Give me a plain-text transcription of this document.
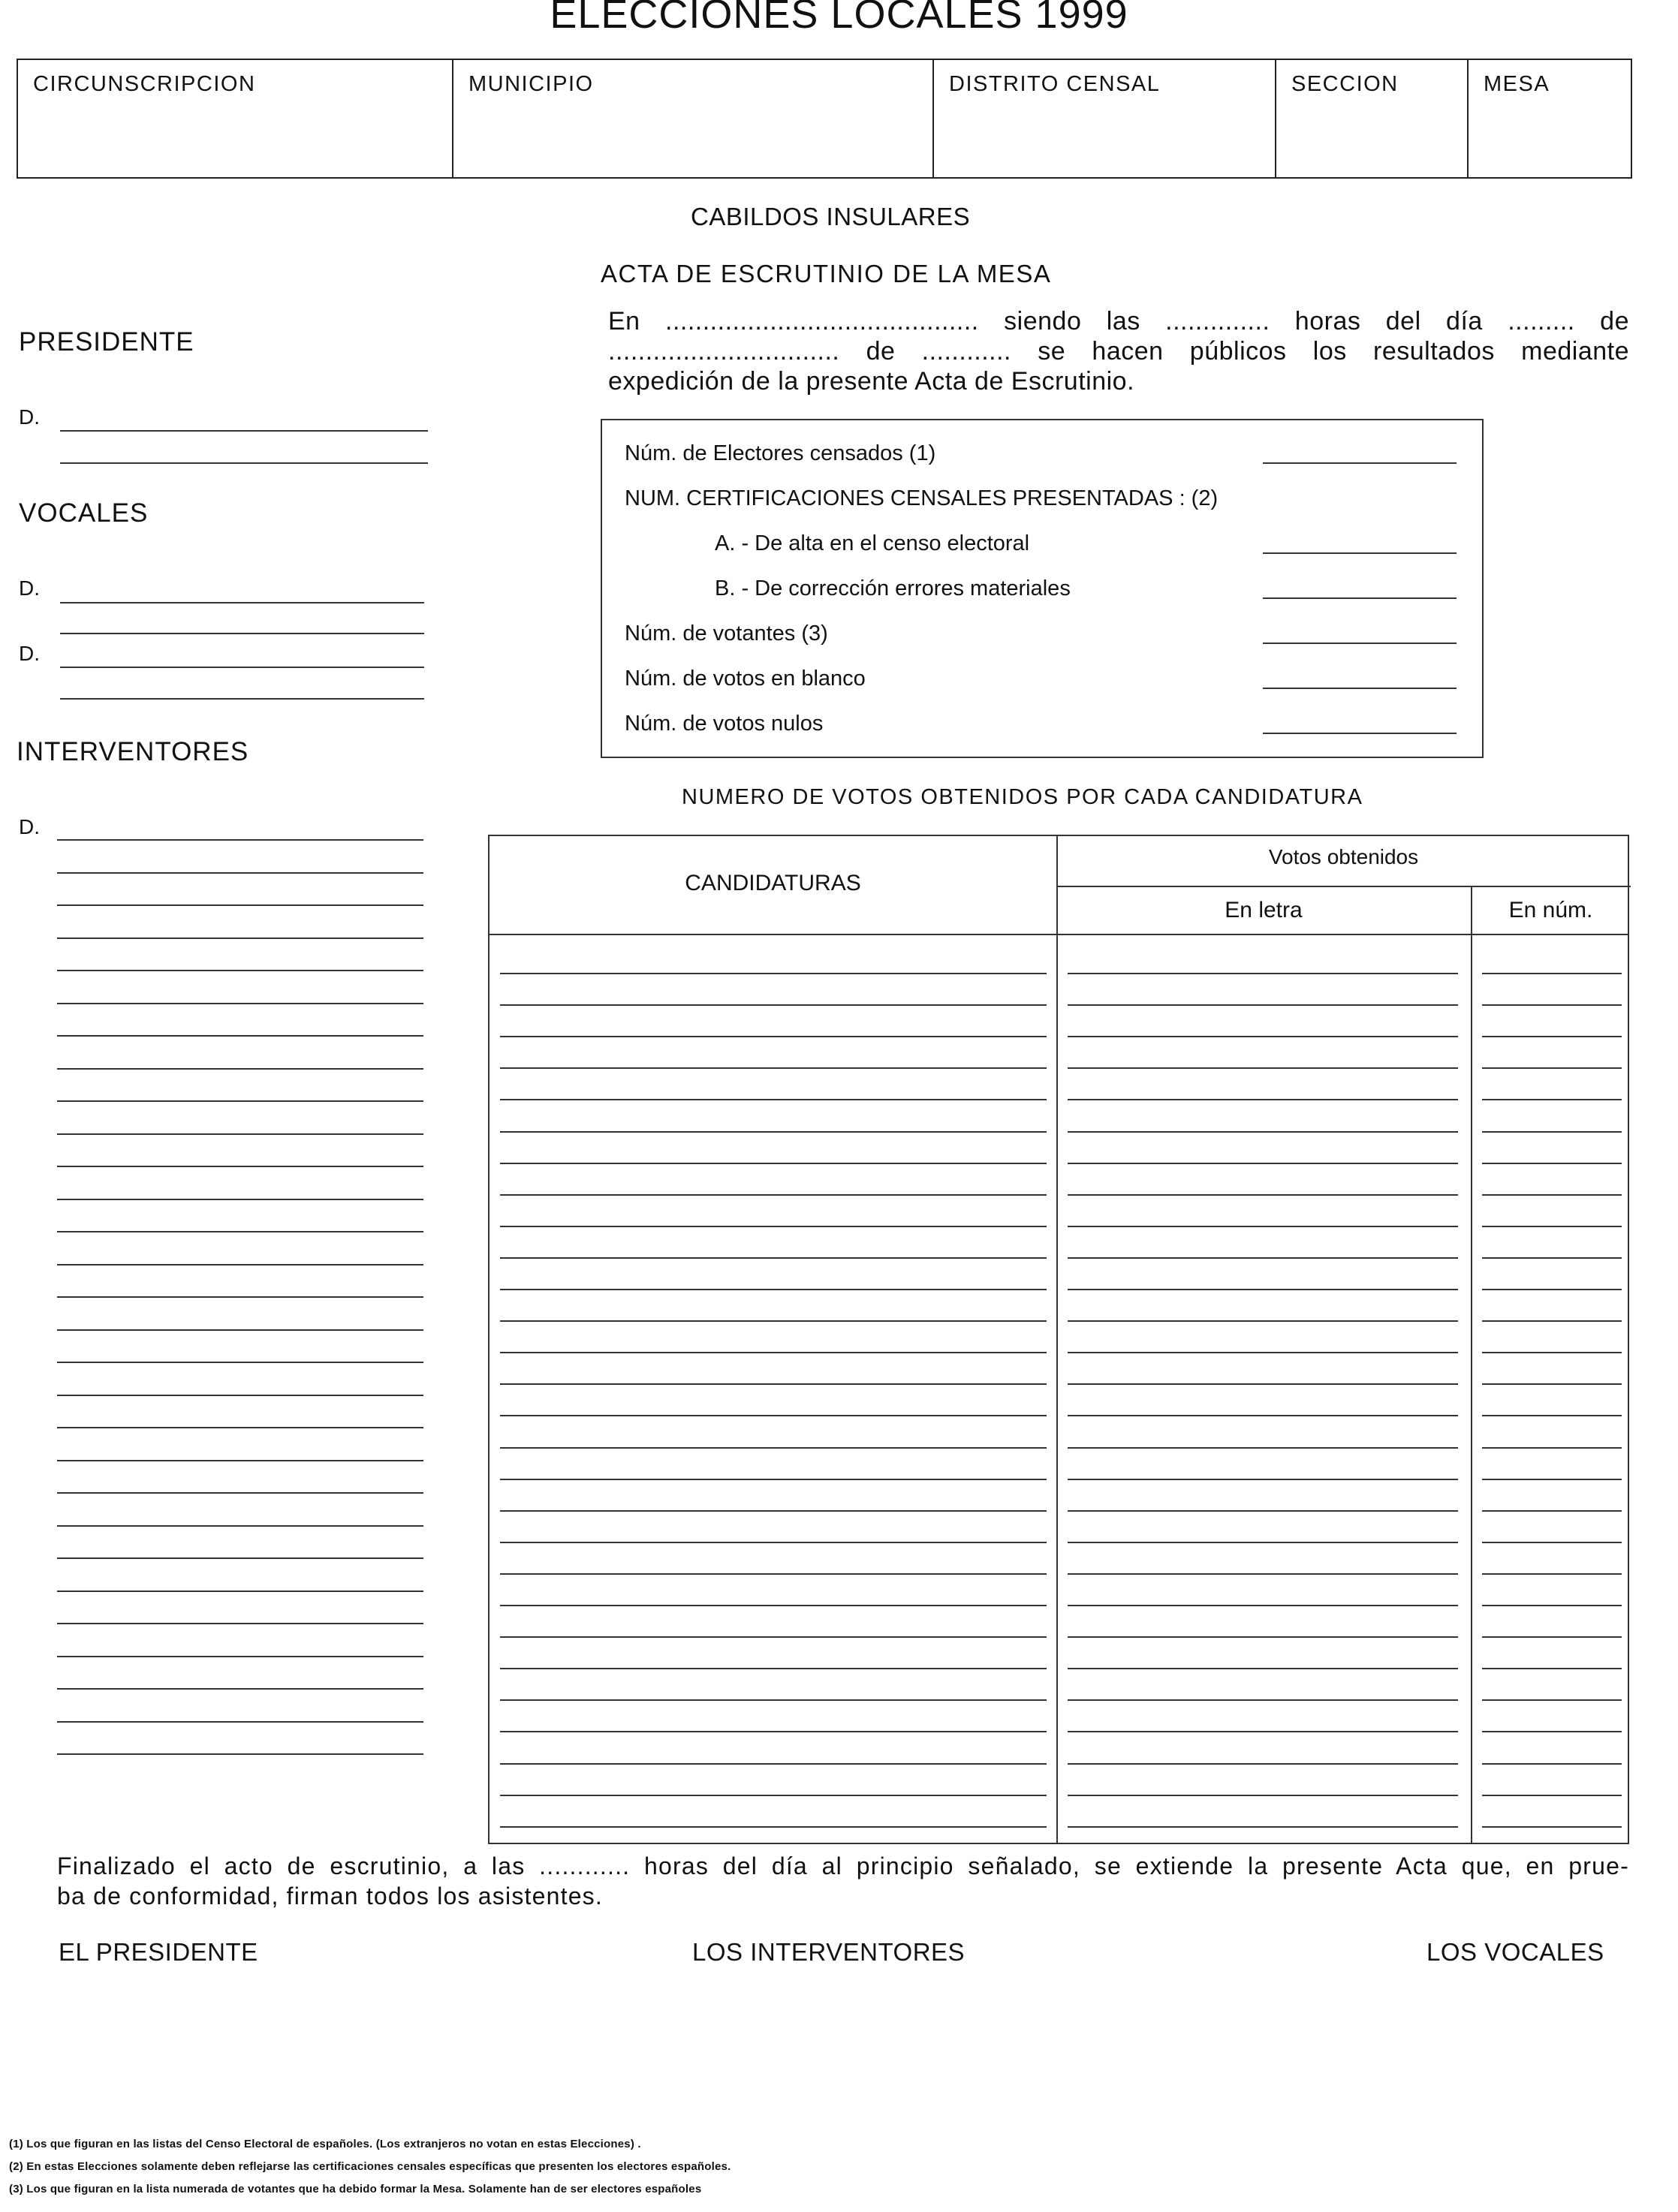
ELECCIONES LOCALES 1999
CIRCUNSCRIPCION	MUNICIPIO	DISTRITO CENSAL	SECCION	MESA
CABILDOS INSULARES
ACTA DE ESCRUTINIO DE LA MESA
En .......................................... siendo las .............. horas del día ......... de
............................... de ............ se hacen públicos los resultados mediante
expedición de la presente Acta de Escrutinio.
PRESIDENTE
D.
VOCALES
D.
D.
INTERVENTORES
D.
Núm. de Electores censados (1)
NUM. CERTIFICACIONES CENSALES PRESENTADAS : (2)
A. - De alta en el censo electoral
B. - De corrección errores materiales
Núm. de votantes (3)
Núm. de votos en blanco
Núm. de votos nulos
NUMERO DE VOTOS OBTENIDOS POR CADA CANDIDATURA
CANDIDATURAS
Votos obtenidos
En letra	En núm.
Finalizado el acto de escrutinio, a las ............ horas del día al principio señalado, se extiende la presente Acta que, en prue-
ba de conformidad, firman todos los asistentes.
EL PRESIDENTE	LOS INTERVENTORES	LOS VOCALES
(1) Los que figuran en las listas del Censo Electoral de españoles. (Los extranjeros no votan en estas Elecciones) .
(2) En estas Elecciones solamente deben reflejarse las certificaciones censales específicas que presenten los electores españoles.
(3) Los que figuran en la lista numerada de votantes que ha debido formar la Mesa. Solamente han de ser electores españoles
